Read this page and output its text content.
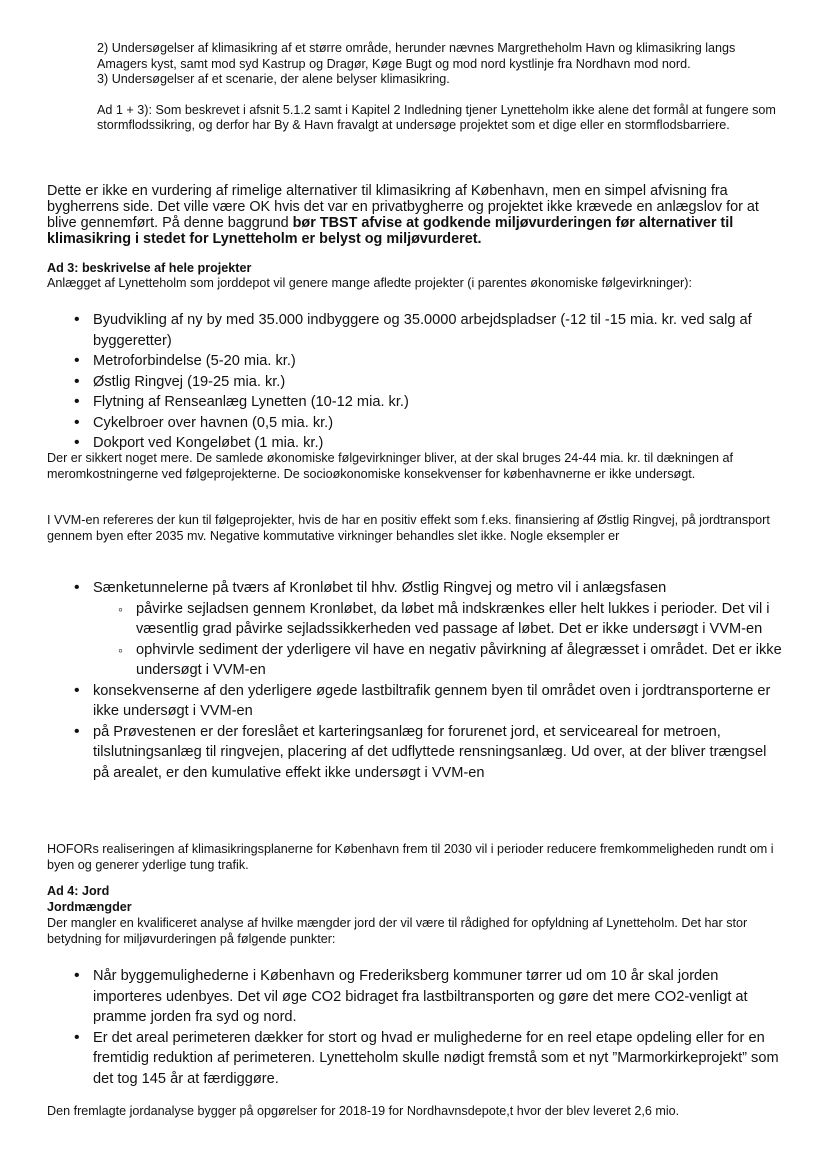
2) Undersøgelser af klimasikring af et større område, herunder nævnes Margretheholm Havn og klimasikring langs Amagers kyst, samt mod syd Kastrup og Dragør, Køge Bugt og mod nord kystlinje fra Nordhavn mod nord.

3) Undersøgelser af et scenarie, der alene belyser klimasikring.

Ad 1 + 3): Som beskrevet i afsnit 5.1.2 samt i Kapitel 2 Indledning tjener Lynetteholm ikke alene det formål at fungere som stormflodssikring, og derfor har By & Havn fravalgt at undersøge projektet som et dige eller en stormflodsbarriere.

Dette er ikke en vurdering af rimelige alternativer til klimasikring af København, men en simpel afvisning fra bygherrens side. Det ville være OK hvis det var en privatbygherre og projektet ikke krævede en anlægslov for at blive gennemført. På denne baggrund bør TBST afvise at godkende miljøvurderingen før alternativer til klimasikring i stedet for Lynetteholm er belyst og miljøvurderet.

Ad 3: beskrivelse af hele projekter

Anlægget af Lynetteholm som jorddepot vil genere mange afledte projekter (i parentes økonomiske følgevirkninger):

• Byudvikling af ny by med 35.000 indbyggere og 35.0000 arbejdspladser (-12 til -15 mia. kr. ved salg af byggeretter)
• Metroforbindelse (5-20 mia. kr.)
• Østlig Ringvej (19-25 mia. kr.)
• Flytning af Renseanlæg Lynetten (10-12 mia. kr.)
• Cykelbroer over havnen (0,5 mia. kr.)
• Dokport ved Kongeløbet (1 mia. kr.)

Der er sikkert noget mere. De samlede økonomiske følgevirkninger bliver, at der skal bruges 24-44 mia. kr. til dækningen af meromkostningerne ved følgeprojekterne. De socioøkonomiske konsekvenser for københavnerne er ikke undersøgt.

I VVM-en refereres der kun til følgeprojekter, hvis de har en positiv effekt som f.eks. finansiering af Østlig Ringvej, på jordtransport gennem byen efter 2035 mv. Negative kommutative virkninger behandles slet ikke. Nogle eksempler er

• Sænketunnelerne på tværs af Kronløbet til hhv. Østlig Ringvej og metro vil i anlægsfasen
◦ påvirke sejladsen gennem Kronløbet, da løbet må indskrænkes eller helt lukkes i perioder. Det vil i væsentlig grad påvirke sejladssikkerheden ved passage af løbet. Det er ikke undersøgt i VVM-en
◦ ophvirvle sediment der yderligere vil have en negativ påvirkning af ålegræsset i området. Det er ikke undersøgt i VVM-en
• konsekvenserne af den yderligere øgede lastbiltrafik gennem byen til området oven i jordtransporterne er ikke undersøgt i VVM-en
• på Prøvestenen er der foreslået et karteringsanlæg for forurenet jord, et serviceareal for metroen, tilslutningsanlæg til ringvejen, placering af det udflyttede rensningsanlæg. Ud over, at der bliver trængsel på arealet, er den kumulative effekt ikke undersøgt i VVM-en

HOFORs realiseringen af klimasikringsplanerne for København frem til 2030 vil i perioder reducere fremkommeligheden rundt om i byen og generer yderlige tung trafik.

Ad 4: Jord

Jordmængder

Der mangler en kvalificeret analyse af hvilke mængder jord der vil være til rådighed for opfyldning af Lynetteholm. Det har stor betydning for miljøvurderingen på følgende punkter:

• Når byggemulighederne i København og Frederiksberg kommuner tørrer ud om 10 år skal jorden importeres udenbyes. Det vil øge CO2 bidraget fra lastbiltransporten og gøre det mere CO2-venligt at pramme jorden fra syd og nord.
• Er det areal perimeteren dækker for stort og hvad er mulighederne for en reel etape opdeling eller for en fremtidig reduktion af perimeteren. Lynetteholm skulle nødigt fremstå som et nyt ”Marmorkirkeprojekt” som det tog 145 år at færdiggøre.

Den fremlagte jordanalyse bygger på opgørelser for 2018-19 for Nordhavnsdepote,t hvor der blev leveret 2,6 mio.
